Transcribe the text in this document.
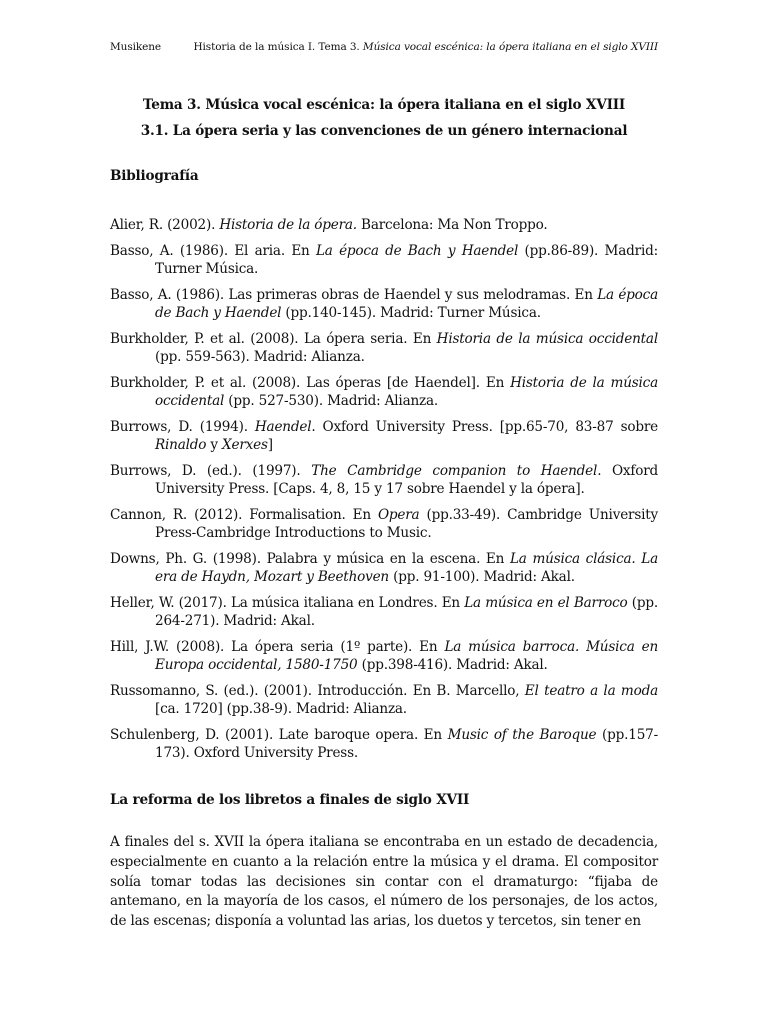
Musikene	Historia de la música I. Tema 3. Música vocal escénica: la ópera italiana en el siglo XVIII
Tema 3. Música vocal escénica: la ópera italiana en el siglo XVIII
3.1. La ópera seria y las convenciones de un género internacional
Bibliografía
Alier, R. (2002). Historia de la ópera. Barcelona: Ma Non Troppo.
Basso, A. (1986). El aria. En La época de Bach y Haendel (pp.86-89). Madrid: Turner Música.
Basso, A. (1986). Las primeras obras de Haendel y sus melodramas. En La época de Bach y Haendel (pp.140-145). Madrid: Turner Música.
Burkholder, P. et al. (2008). La ópera seria. En Historia de la música occidental (pp. 559-563). Madrid: Alianza.
Burkholder, P. et al. (2008). Las óperas [de Haendel]. En Historia de la música occidental (pp. 527-530). Madrid: Alianza.
Burrows, D. (1994). Haendel. Oxford University Press. [pp.65-70, 83-87 sobre Rinaldo y Xerxes]
Burrows, D. (ed.). (1997). The Cambridge companion to Haendel. Oxford University Press. [Caps. 4, 8, 15 y 17 sobre Haendel y la ópera].
Cannon, R. (2012). Formalisation. En Opera (pp.33-49). Cambridge University Press-Cambridge Introductions to Music.
Downs, Ph. G. (1998). Palabra y música en la escena. En La música clásica. La era de Haydn, Mozart y Beethoven (pp. 91-100). Madrid: Akal.
Heller, W. (2017). La música italiana en Londres. En La música en el Barroco (pp. 264-271). Madrid: Akal.
Hill, J.W. (2008). La ópera seria (1º parte). En La música barroca. Música en Europa occidental, 1580-1750 (pp.398-416). Madrid: Akal.
Russomanno, S. (ed.). (2001). Introducción. En B. Marcello, El teatro a la moda [ca. 1720] (pp.38-9). Madrid: Alianza.
Schulenberg, D. (2001). Late baroque opera. En Music of the Baroque (pp.157-173). Oxford University Press.
La reforma de los libretos a finales de siglo XVII
A finales del s. XVII la ópera italiana se encontraba en un estado de decadencia, especialmente en cuanto a la relación entre la música y el drama. El compositor solía tomar todas las decisiones sin contar con el dramaturgo: “fijaba de antemano, en la mayoría de los casos, el número de los personajes, de los actos, de las escenas; disponía a voluntad las arias, los duetos y tercetos, sin tener en
